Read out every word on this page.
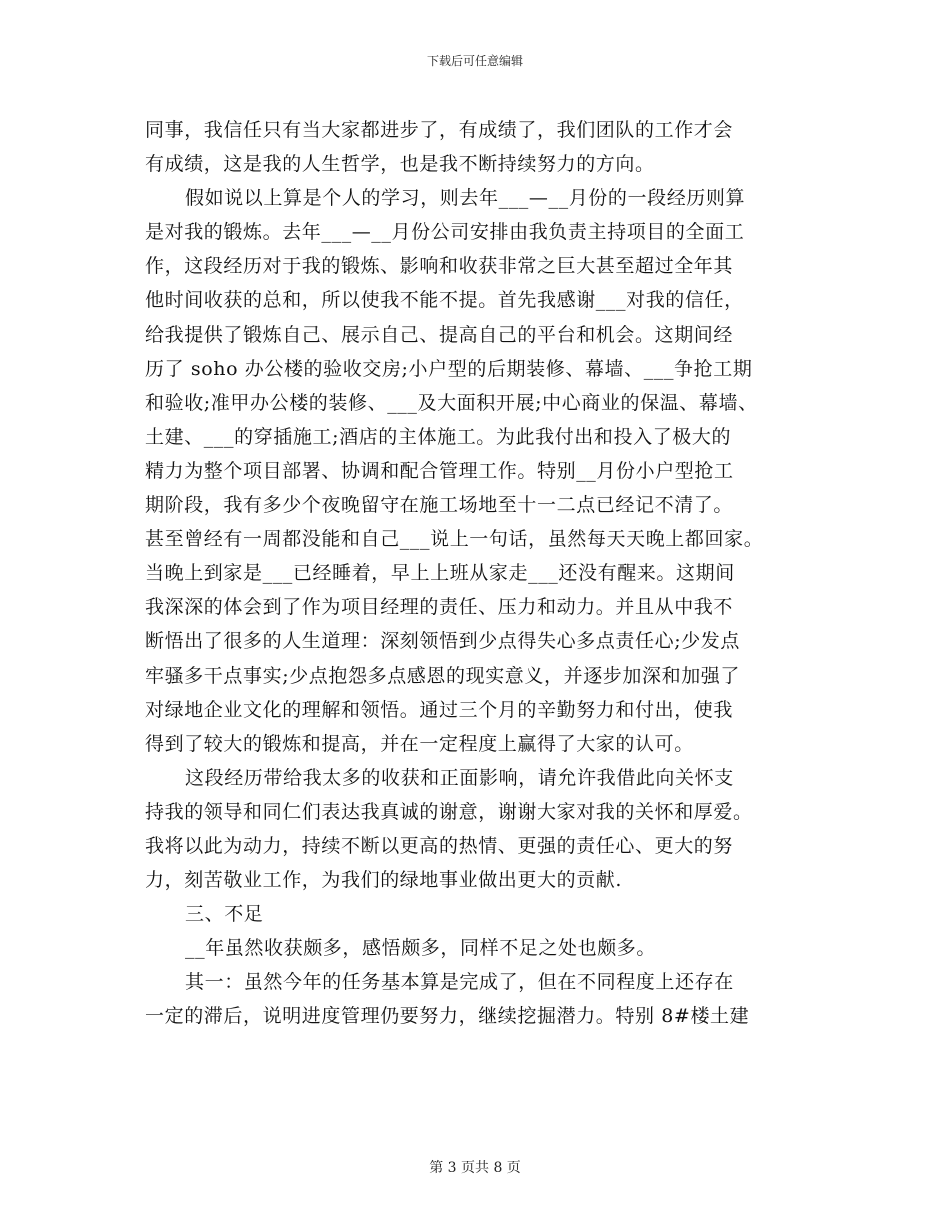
下载后可任意编辑
同事，我信任只有当大家都进步了，有成绩了，我们团队的工作才会
有成绩，这是我的人生哲学，也是我不断持续努力的方向。
假如说以上算是个人的学习，则去年___—__月份的一段经历则算
是对我的锻炼。去年___—__月份公司安排由我负责主持项目的全面工
作，这段经历对于我的锻炼、影响和收获非常之巨大甚至超过全年其
他时间收获的总和，所以使我不能不提。首先我感谢___对我的信任，
给我提供了锻炼自己、展示自己、提高自己的平台和机会。这期间经
历了 soho 办公楼的验收交房;小户型的后期装修、幕墙、___争抢工期
和验收;准甲办公楼的装修、___及大面积开展;中心商业的保温、幕墙、
土建、___的穿插施工;酒店的主体施工。为此我付出和投入了极大的
精力为整个项目部署、协调和配合管理工作。特别__月份小户型抢工
期阶段，我有多少个夜晚留守在施工场地至十一二点已经记不清了。
甚至曾经有一周都没能和自己___说上一句话，虽然每天天晚上都回家。
当晚上到家是___已经睡着，早上上班从家走___还没有醒来。这期间
我深深的体会到了作为项目经理的责任、压力和动力。并且从中我不
断悟出了很多的人生道理：深刻领悟到少点得失心多点责任心;少发点
牢骚多干点事实;少点抱怨多点感恩的现实意义，并逐步加深和加强了
对绿地企业文化的理解和领悟。通过三个月的辛勤努力和付出，使我
得到了较大的锻炼和提高，并在一定程度上赢得了大家的认可。
这段经历带给我太多的收获和正面影响，请允许我借此向关怀支
持我的领导和同仁们表达我真诚的谢意，谢谢大家对我的关怀和厚爱。
我将以此为动力，持续不断以更高的热情、更强的责任心、更大的努
力，刻苦敬业工作，为我们的绿地事业做出更大的贡献.
三、不足
__年虽然收获颇多，感悟颇多，同样不足之处也颇多。
其一：虽然今年的任务基本算是完成了，但在不同程度上还存在
一定的滞后，说明进度管理仍要努力，继续挖掘潜力。特别 8#楼土建
第 3 页共 8 页
